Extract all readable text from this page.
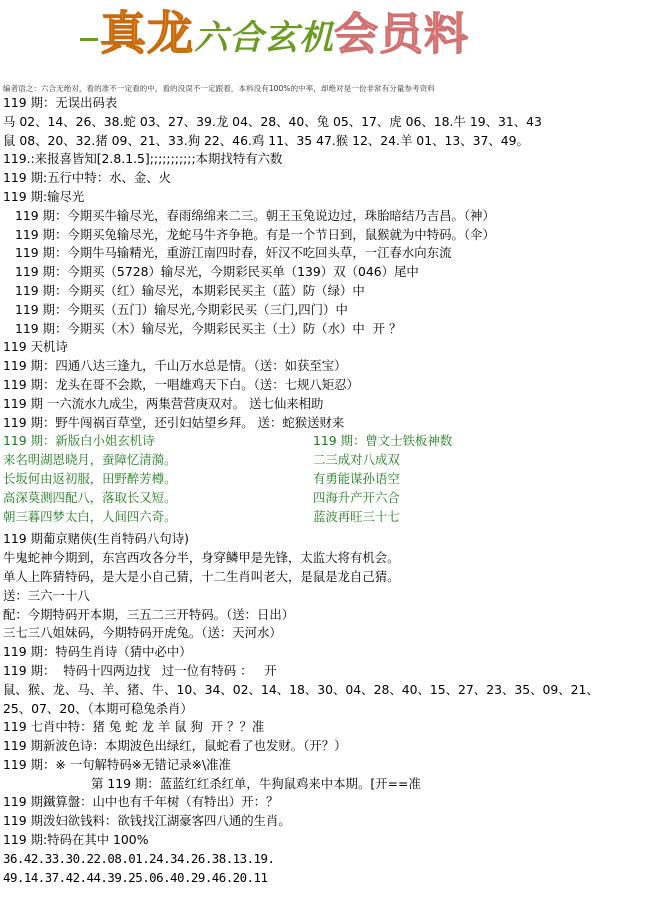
真龙六合玄机会员料
编者语之：六合无绝对，看的准不一定看的中，看的没误不一定跟着，本料没有100%的中率，却绝对是一份非常有分量参考资料
119 期：无误出码表
马 02、14、26、38.蛇 03、27、39.龙 04、28、40、兔 05、17、虎 06、18.牛 19、31、43
鼠 08、20、32.猪 09、21、33.狗 22、46.鸡 11、35 47.猴 12、24.羊 01、13、37、49。
119.:来报喜皆知[2.8.1.5];;;;;;;;;;;本期找特有六数
119 期:五行中特：水、金、火
119 期:输尽光
119 期：今期买牛输尽光，春雨绵绵来二三。朝王玉兔说边过，珠胎暗结乃吉昌。（神）
119 期：今期买兔输尽光，龙蛇马牛齐争艳。有是一个节日到，鼠猴就为中特码。（伞）
119 期：今期牛马输精光，重游江南四时春，奸汉不吃回头草，一江春水向东流
119 期：今期买（5728）输尽光，今期彩民买单（139）双（046）尾中
119 期：今期买（红）输尽光，本期彩民买主（蓝）防（绿）中
119 期：今期买（五门）输尽光,今期彩民买（三门,四门）中
119 期：今期买（木）输尽光，今期彩民买主（土）防（水）中  开 ？
119 天机诗
119 期：四通八达三逢九，千山万水总是情。（送：如获至宝）
119 期：龙头在哥不会欺，一唱雄鸡天下白。（送：七规八矩忍）
119 期 一六流水九成尘，两集营营庚双对。 送七仙来相助
119 期：野牛闯祸百草堂，还引妇姑望乡拜。 送：蛇猴送财来
119 期：新版白小姐玄机诗	119 期：曾文士铁板神数
来名明湖恩晓月，蚕障忆清漪。	二三成对八成双
长坂何由返初服，田野醉芳樽。	有勇能谋孙语空
高深莫测四配八，落取长又短。	四海升产开六合
朝三暮四梦太白，人间四六奇。	蓝波再旺三十七
119 期葡京赌侠(生肖特码八句诗)
牛鬼蛇神今期到，东宫西攻各分半，身穿鳞甲是先锋，太监大将有机会。
单人上阵猜特码，是大是小自己猜，十二生肖叫老大，是鼠是龙自己猜。
送：三六一十八
配：今期特码开本期，三五二三开特码。（送：日出）
三七三八姐妹码，今期特码开虎兔。（送：天河水）
119 期：特码生肖诗（猜中必中）
119 期：  特码十四两边找   过一位有特码 ：   开
鼠、猴、龙、马、羊、猪、牛、10、34、02、14、18、30、04、28、40、15、27、23、35、09、21、
25、07、20、（本期可稳兔杀肖）
119 七肖中特：猪 兔 蛇 龙 羊 鼠 狗  开 ？？准
119 期新波色诗：本期波色出绿红，鼠蛇看了也发财。（开？）
119 期：※ 一句解特码※无错记录※\准准
第 119 期：蓝蓝红红杀红单，牛狗鼠鸡来中本期。[开==准
119 期鐵算盤：山中也有千年树（有特出）开：？
119 期泼妇欲钱料：欲钱找江湖豪客四八通的生肖。
119 期:特码在其中 100%
36.42.33.30.22.08.01.24.34.26.38.13.19.
49.14.37.42.44.39.25.06.40.29.46.20.11
